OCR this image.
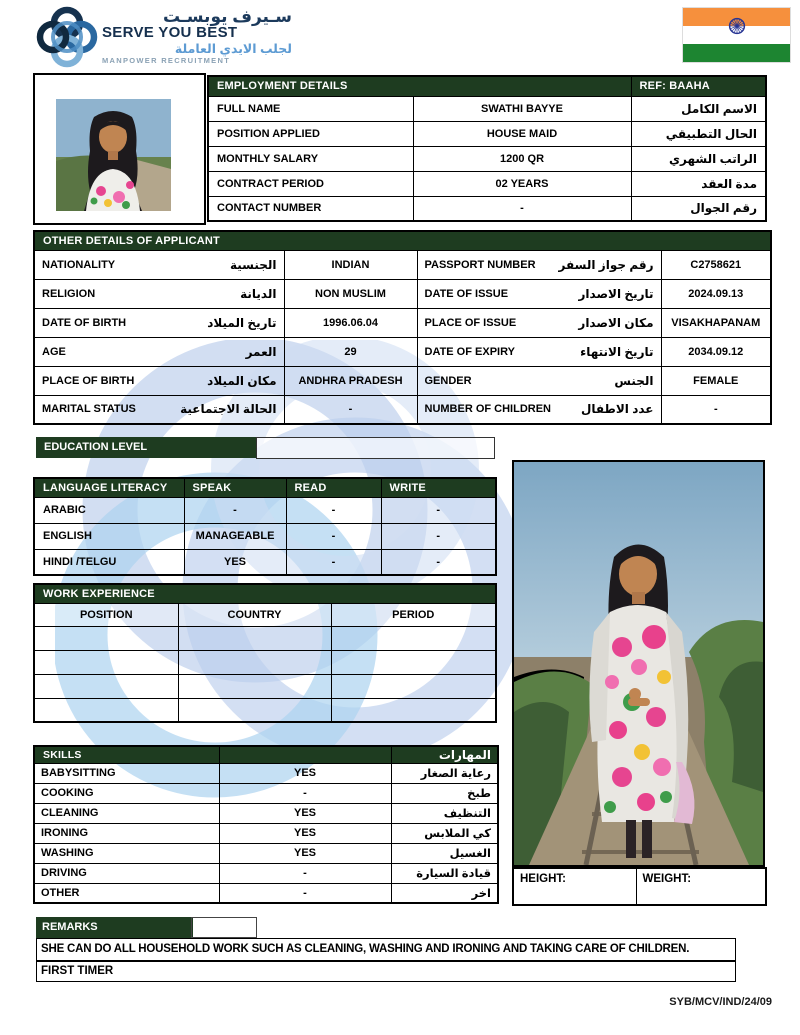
سـيرف يوبسـت
SERVE YOU BEST
لجلب الايدي العاملة
MANPOWER RECRUITMENT
EMPLOYMENT DETAILS		REF: BAAHA
FULL NAME	SWATHI BAYYE	الاسم الكامل
POSITION APPLIED	HOUSE MAID	الحال التطبيقي
MONTHLY SALARY	1200 QR	الراتب الشهري
CONTRACT PERIOD	02 YEARS	مدة العقد
CONTACT NUMBER	-	رقم الجوال
OTHER DETAILS OF APPLICANT			

NATIONALITY الجنسية	INDIAN	PASSPORT NUMBER رقم جواز السفر	C2758621

RELIGION الديانة	NON MUSLIM	DATE OF ISSUE تاريخ الاصدار	2024.09.13

DATE OF BIRTH تاريخ الميلاد	1996.06.04	PLACE OF ISSUE مكان الاصدار	VISAKHAPANAM

AGE العمر	29	DATE OF EXPIRY تاريخ الانتهاء	2034.09.12

PLACE OF BIRTH مكان الميلاد	ANDHRA PRADESH	GENDER الجنس	FEMALE

MARITAL STATUS الحالة الاجتماعية	-	NUMBER OF CHILDREN عدد الاطفال	-
EDUCATION LEVEL
LANGUAGE LITERACY	SPEAK	READ	WRITE
ARABIC	-	-	-
ENGLISH	MANAGEABLE	-	-
HINDI /TELGU	YES	-	-
WORK EXPERIENCE		
POSITION	COUNTRY	PERIOD

SKILLS		المهارات
BABYSITTING	YES	رعاية الصغار
COOKING	-	طبخ
CLEANING	YES	التنظيف
IRONING	YES	كي الملابس
WASHING	YES	الغسيل
DRIVING	-	قيادة السيارة
OTHER	-	اخر
HEIGHT:	WEIGHT:
REMARKS
SHE CAN DO ALL HOUSEHOLD WORK SUCH AS CLEANING, WASHING AND IRONING AND TAKING CARE OF CHILDREN.
FIRST TIMER
SYB/MCV/IND/24/09
